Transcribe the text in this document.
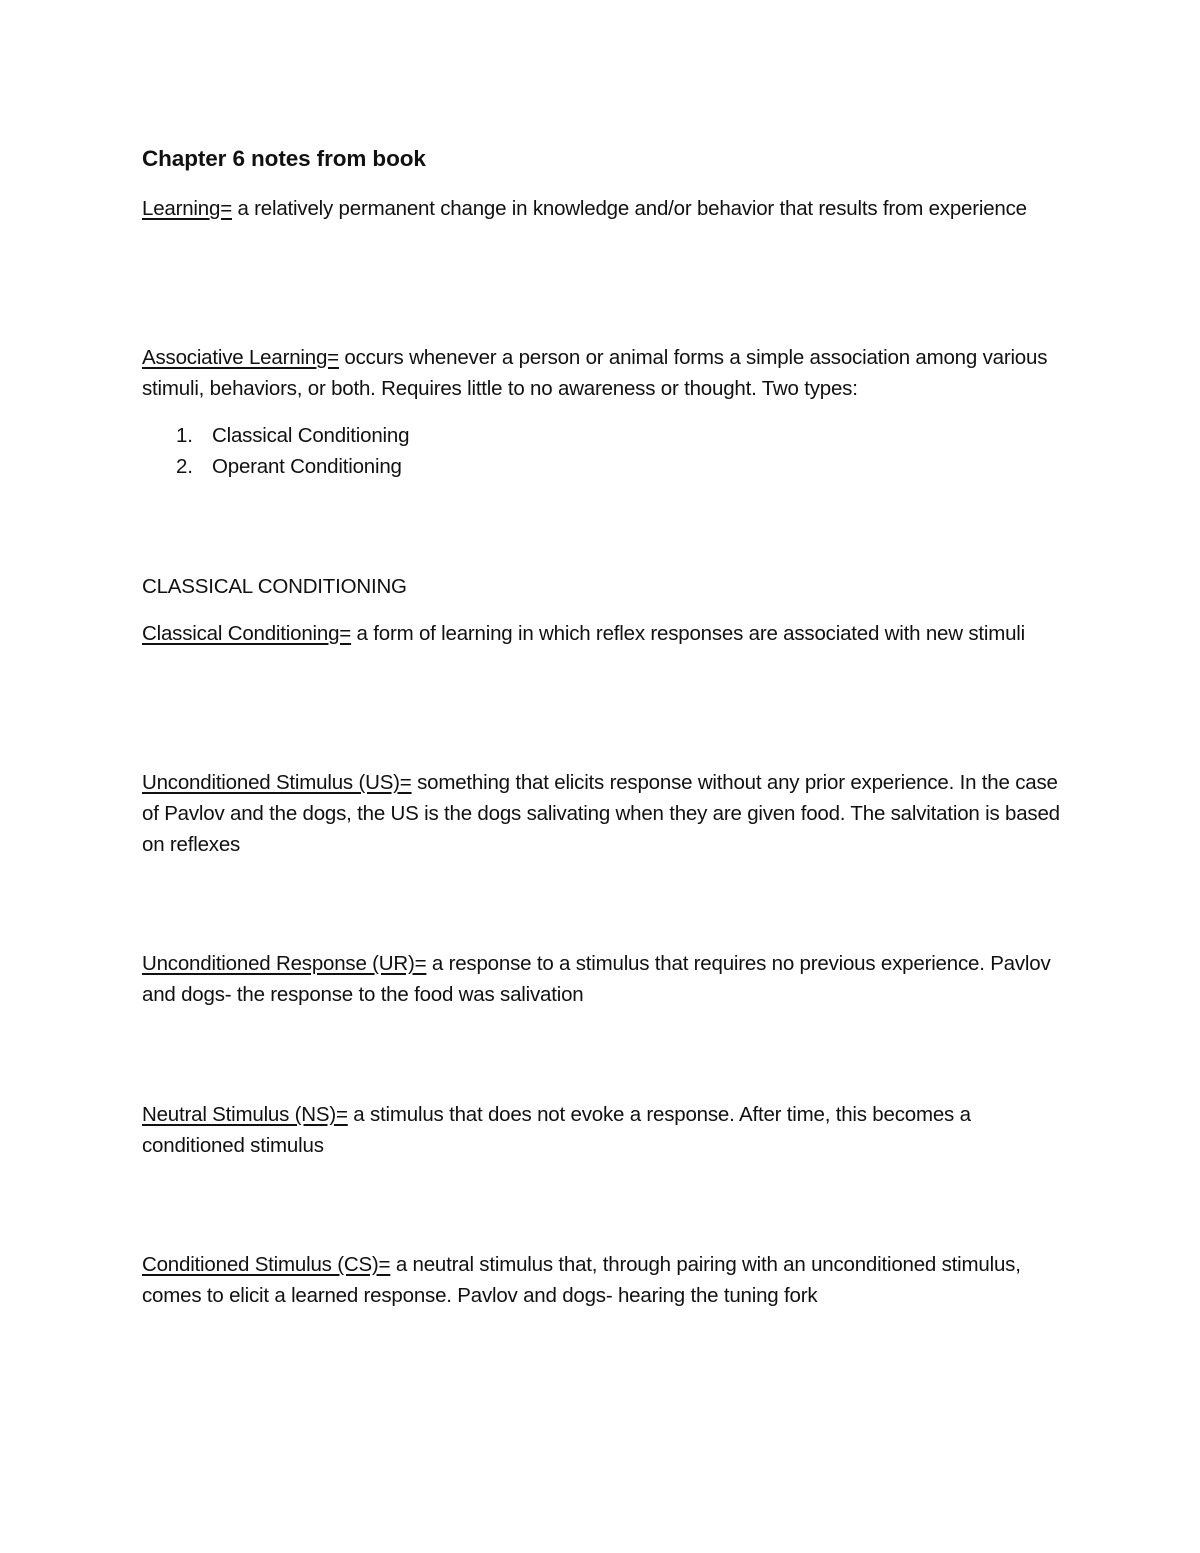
Chapter 6 notes from book

Learning= a relatively permanent change in knowledge and/or behavior that results from experience

Associative Learning= occurs whenever a person or animal forms a simple association among various stimuli, behaviors, or both. Requires little to no awareness or thought. Two types:

1. Classical Conditioning
2. Operant Conditioning
CLASSICAL CONDITIONING

Classical Conditioning= a form of learning in which reflex responses are associated with new stimuli

Unconditioned Stimulus (US)= something that elicits response without any prior experience. In the case of Pavlov and the dogs, the US is the dogs salivating when they are given food. The salvitation is based on reflexes

Unconditioned Response (UR)= a response to a stimulus that requires no previous experience. Pavlov and dogs- the response to the food was salivation

Neutral Stimulus (NS)= a stimulus that does not evoke a response. After time, this becomes a conditioned stimulus

Conditioned Stimulus (CS)= a neutral stimulus that, through pairing with an unconditioned stimulus, comes to elicit a learned response. Pavlov and dogs- hearing the tuning fork
